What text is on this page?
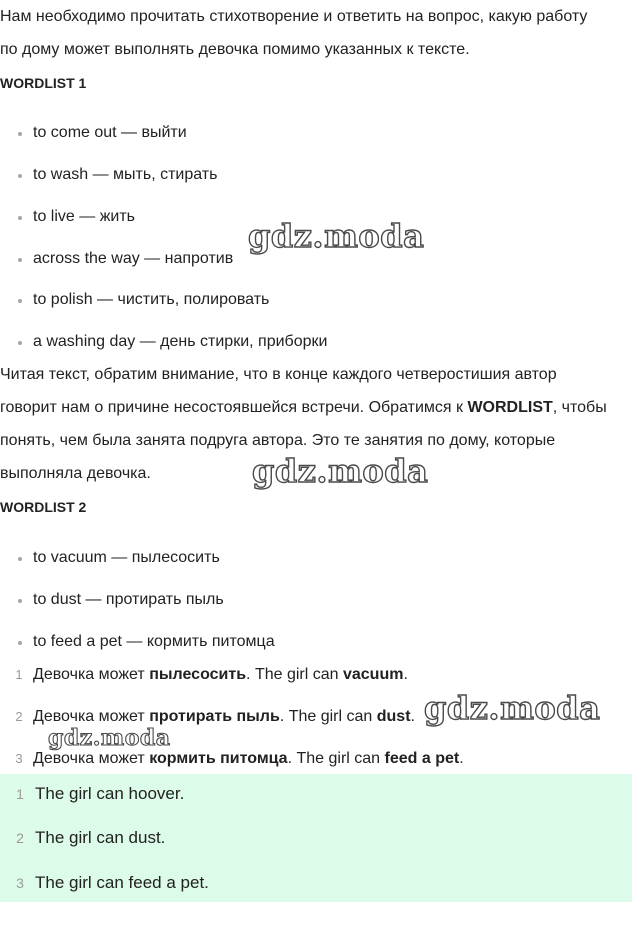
Нам необходимо прочитать стихотворение и ответить на вопрос, какую работу

по дому может выполнять девочка помимо указанных к тексте.

WORDLIST 1
to come out — выйти
to wash — мыть, стирать
to live — жить
across the way — напротив
to polish — чистить, полировать
a washing day — день стирки, приборки

Читая текст, обратим внимание, что в конце каждого четверостишия автор

говорит нам о причине несостоявшейся встречи. Обратимся к WORDLIST, чтобы

понять, чем была занята подруга автора. Это те занятия по дому, которые

выполняла девочка.

WORDLIST 2
to vacuum — пылесосить
to dust — протирать пыль
to feed a pet — кормить питомца
1 Девочка может пылесосить. The girl can vacuum.
2 Девочка может протирать пыль. The girl can dust.
3 Девочка может кормить питомца. The girl can feed a pet.
1 The girl can hoover.
2 The girl can dust.
3 The girl can feed a pet.
gdz.moda
gdz.moda
gdz.moda
gdz.moda
